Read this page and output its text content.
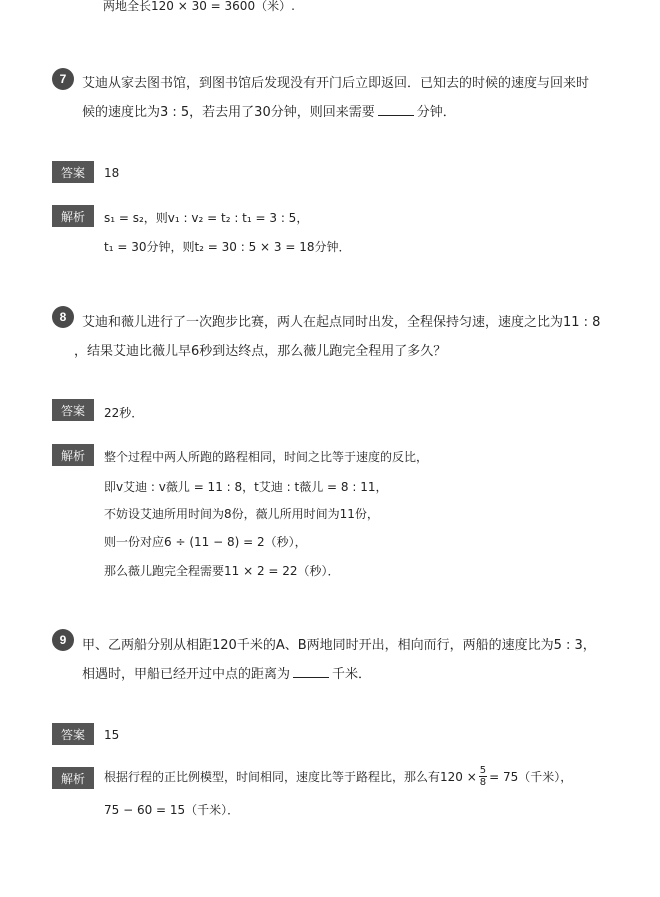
两地全长120 × 30 = 3600（米）.
7	艾迪从家去图书馆，到图书馆后发现没有开门后立即返回．已知去的时候的速度与回来时
候的速度比为3 : 5，若去用了30分钟，则回来需要	分钟．
答案	18
解析	s₁ = s₂，则v₁ : v₂ = t₂ : t₁ = 3 : 5，
t₁ = 30分钟，则t₂ = 30 : 5 × 3 = 18分钟．
8	艾迪和薇儿进行了一次跑步比赛，两人在起点同时出发，全程保持匀速，速度之比为11 : 8
，结果艾迪比薇儿早6秒到达终点，那么薇儿跑完全程用了多久？
答案	22秒．
解析	整个过程中两人所跑的路程相同，时间之比等于速度的反比，
即v艾迪 : v薇儿 = 11 : 8，t艾迪 : t薇儿 = 8 : 11，
不妨设艾迪所用时间为8份，薇儿所用时间为11份，
则一份对应6 ÷ (11 − 8) = 2（秒），
那么薇儿跑完全程需要11 × 2 = 22（秒）．
9	甲、乙两船分别从相距120千米的A、B两地同时开出，相向而行，两船的速度比为5 : 3，
相遇时，甲船已经开过中点的距离为	千米．
答案	15
解析	根据行程的正比例模型，时间相同，速度比等于路程比，那么有$120 \times \frac{5}{8} = 75$（千米），
75 − 60 = 15（千米）．
